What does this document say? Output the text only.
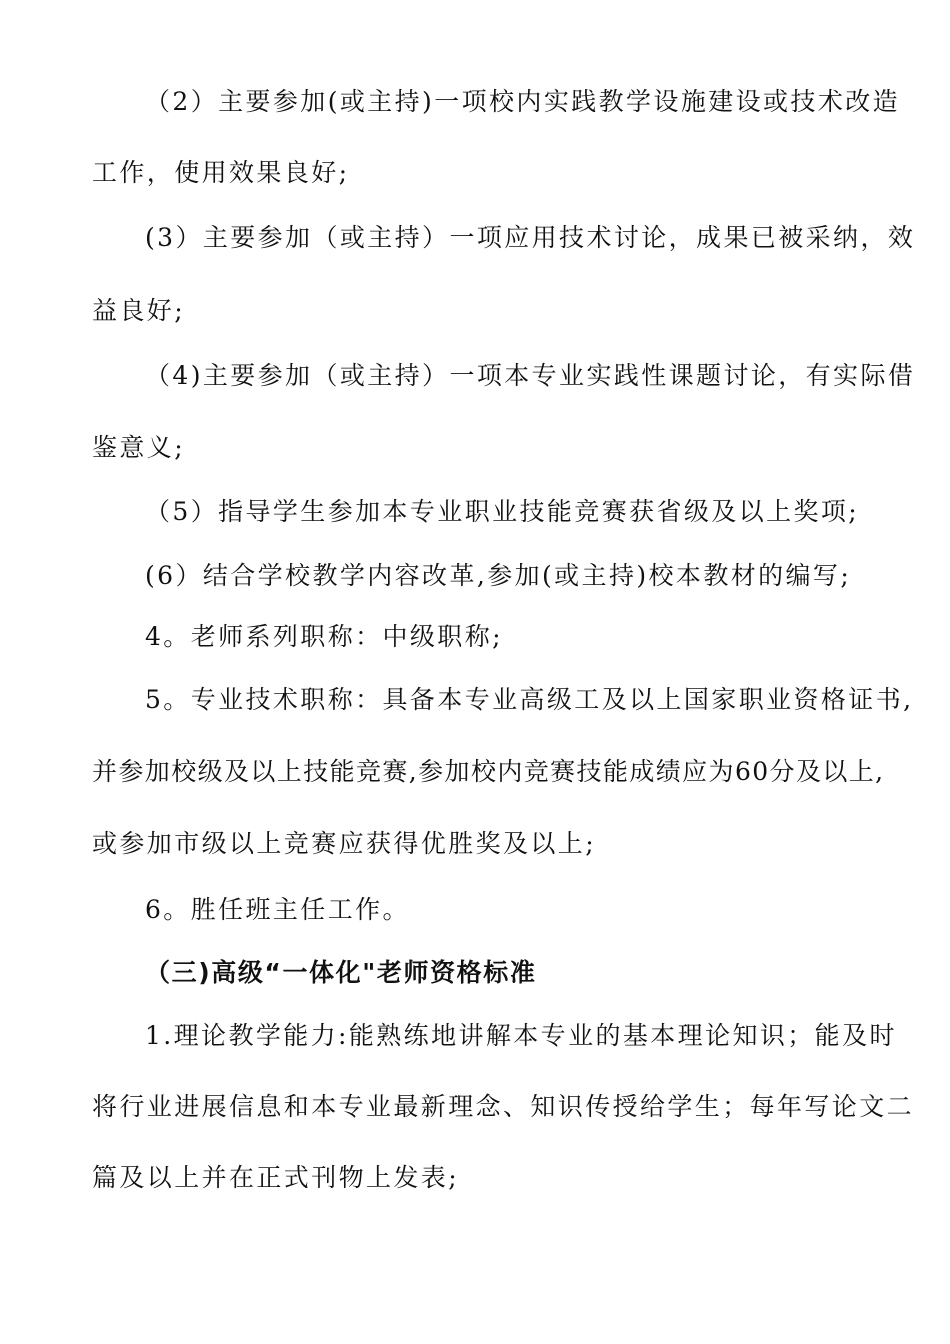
（2）主要参加(或主持)一项校内实践教学设施建设或技术改造
工作，使用效果良好;
(3）主要参加（或主持）一项应用技术讨论，成果已被采纳，效
益良好;
（4)主要参加（或主持）一项本专业实践性课题讨论，有实际借
鉴意义;
（5）指导学生参加本专业职业技能竞赛获省级及以上奖项;
(6）结合学校教学内容改革,参加(或主持)校本教材的编写;
4。老师系列职称：中级职称;
5。专业技术职称：具备本专业高级工及以上国家职业资格证书,
并参加校级及以上技能竞赛,参加校内竞赛技能成绩应为60分及以上,
或参加市级以上竞赛应获得优胜奖及以上;
6。胜任班主任工作。
（三)高级“一体化"老师资格标准
1.理论教学能力:能熟练地讲解本专业的基本理论知识；能及时
将行业进展信息和本专业最新理念、知识传授给学生；每年写论文二
篇及以上并在正式刊物上发表;
